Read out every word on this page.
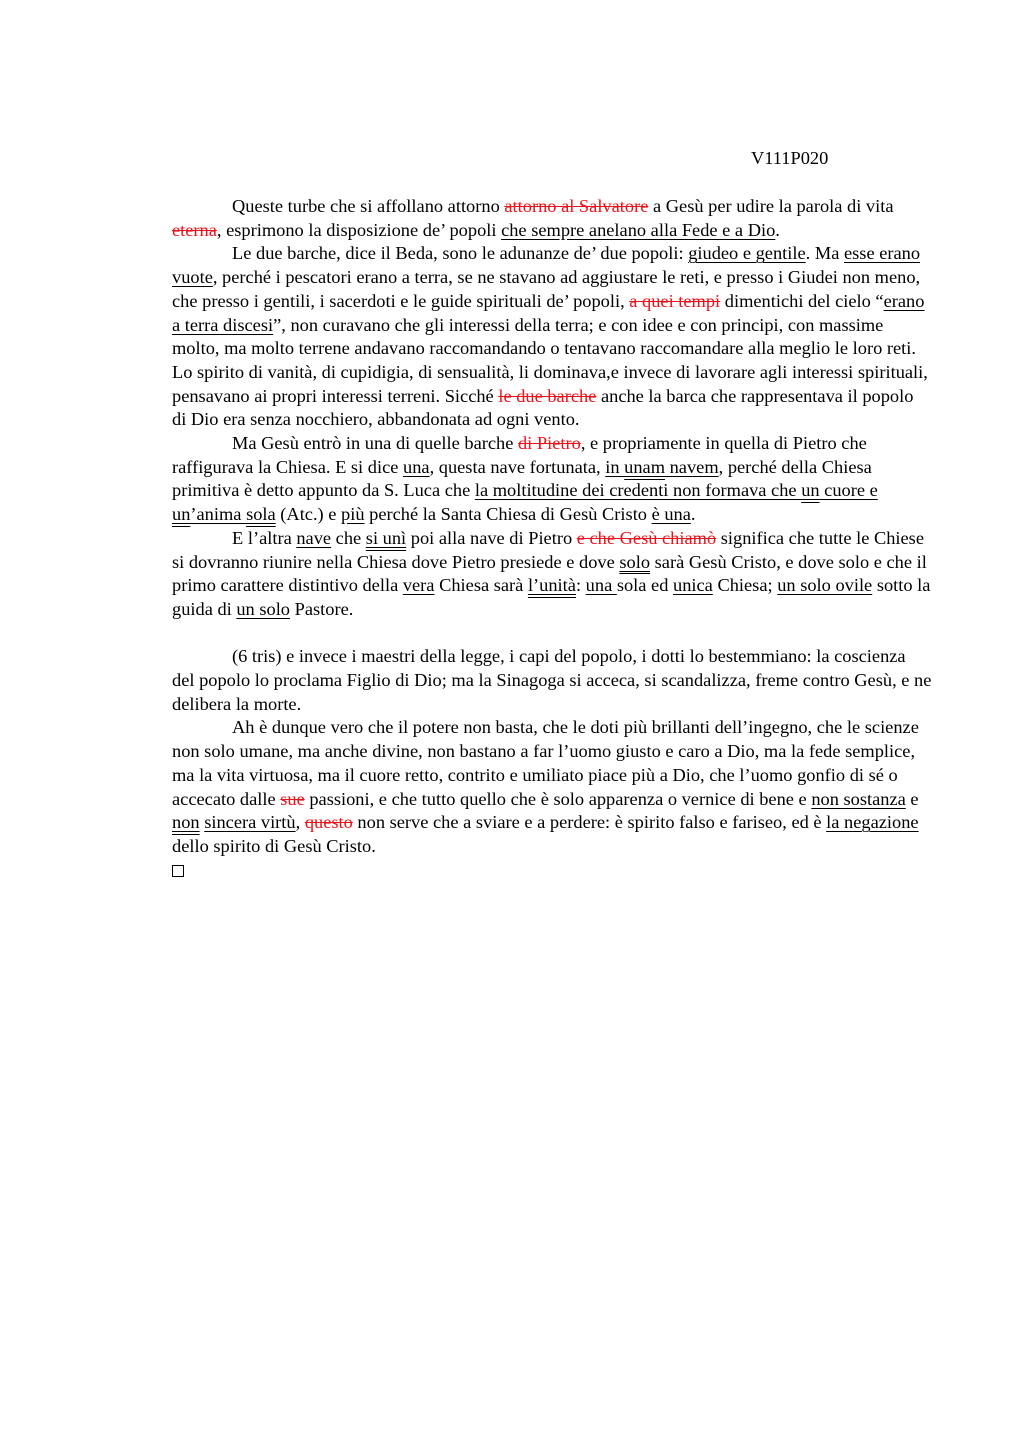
V111P020

Queste turbe che si affollano attorno attorno al Salvatore a Gesù per udire la parola di vita eterna, esprimono la disposizione de’ popoli che sempre anelano alla Fede e a Dio.

Le due barche, dice il Beda, sono le adunanze de’ due popoli: giudeo e gentile. Ma esse erano vuote, perché i pescatori erano a terra, se ne stavano ad aggiustare le reti, e presso i Giudei non meno, che presso i gentili, i sacerdoti e le guide spirituali de’ popoli, a quei tempi dimentichi del cielo “erano a terra discesi”, non curavano che gli interessi della terra; e con idee e con principi, con massime molto, ma molto terrene andavano raccomandando o tentavano raccomandare alla meglio le loro reti. Lo spirito di vanità, di cupidigia, di sensualità, li dominava,e invece di lavorare agli interessi spirituali, pensavano ai propri interessi terreni. Sicché le due barche anche la barca che rappresentava il popolo di Dio era senza nocchiero, abbandonata ad ogni vento.

Ma Gesù entrò in una di quelle barche di Pietro, e propriamente in quella di Pietro che raffigurava la Chiesa. E si dice una, questa nave fortunata, in unam navem, perché della Chiesa primitiva è detto appunto da S. Luca che la moltitudine dei credenti non formava che un cuore e un’anima sola (Atc.) e più perché la Santa Chiesa di Gesù Cristo è una.

E l’altra nave che si unì poi alla nave di Pietro e che Gesù chiamò significa che tutte le Chiese si dovranno riunire nella Chiesa dove Pietro presiede e dove solo sarà Gesù Cristo, e dove solo e che il primo carattere distintivo della vera Chiesa sarà l’unità: una sola ed unica Chiesa; un solo ovile sotto la guida di un solo Pastore.

(6 tris) e invece i maestri della legge, i capi del popolo, i dotti lo bestemmiano: la coscienza del popolo lo proclama Figlio di Dio; ma la Sinagoga si acceca, si scandalizza, freme contro Gesù, e ne delibera la morte.

Ah è dunque vero che il potere non basta, che le doti più brillanti dell’ingegno, che le scienze non solo umane, ma anche divine, non bastano a far l’uomo giusto e caro a Dio, ma la fede semplice, ma la vita virtuosa, ma il cuore retto, contrito e umiliato piace più a Dio, che l’uomo gonfio di sé o accecato dalle sue passioni, e che tutto quello che è solo apparenza o vernice di bene e non sostanza e non sincera virtù, questo non serve che a sviare e a perdere: è spirito falso e fariseo, ed è la negazione dello spirito di Gesù Cristo.
